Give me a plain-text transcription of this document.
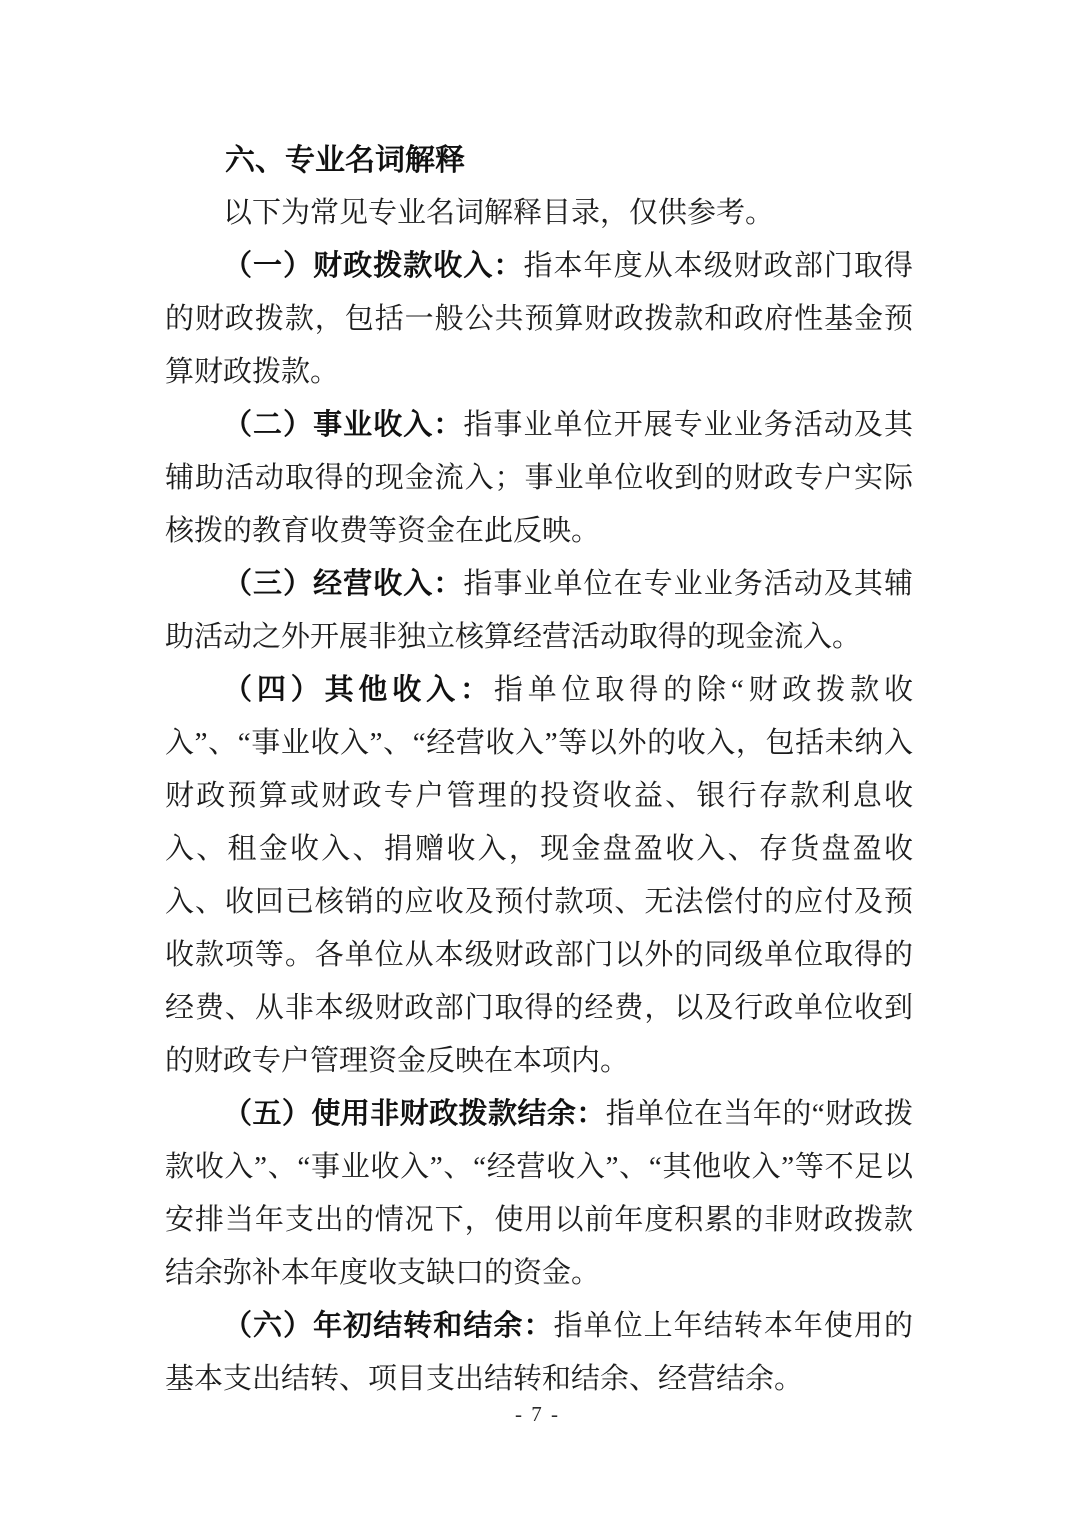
六、专业名词解释

以下为常见专业名词解释目录，仅供参考。

（一）财政拨款收入：指本年度从本级财政部门取得的财政拨款，包括一般公共预算财政拨款和政府性基金预算财政拨款。

（二）事业收入：指事业单位开展专业业务活动及其辅助活动取得的现金流入；事业单位收到的财政专户实际核拨的教育收费等资金在此反映。

（三）经营收入：指事业单位在专业业务活动及其辅助活动之外开展非独立核算经营活动取得的现金流入。

（四）其他收入：指单位取得的除“财政拨款收入”、“事业收入”、“经营收入”等以外的收入，包括未纳入财政预算或财政专户管理的投资收益、银行存款利息收入、租金收入、捐赠收入，现金盘盈收入、存货盘盈收入、收回已核销的应收及预付款项、无法偿付的应付及预收款项等。各单位从本级财政部门以外的同级单位取得的经费、从非本级财政部门取得的经费，以及行政单位收到的财政专户管理资金反映在本项内。

（五）使用非财政拨款结余：指单位在当年的“财政拨款收入”、“事业收入”、“经营收入”、“其他收入”等不足以安排当年支出的情况下，使用以前年度积累的非财政拨款结余弥补本年度收支缺口的资金。

（六）年初结转和结余：指单位上年结转本年使用的基本支出结转、项目支出结转和结余、经营结余。

- 7 -
